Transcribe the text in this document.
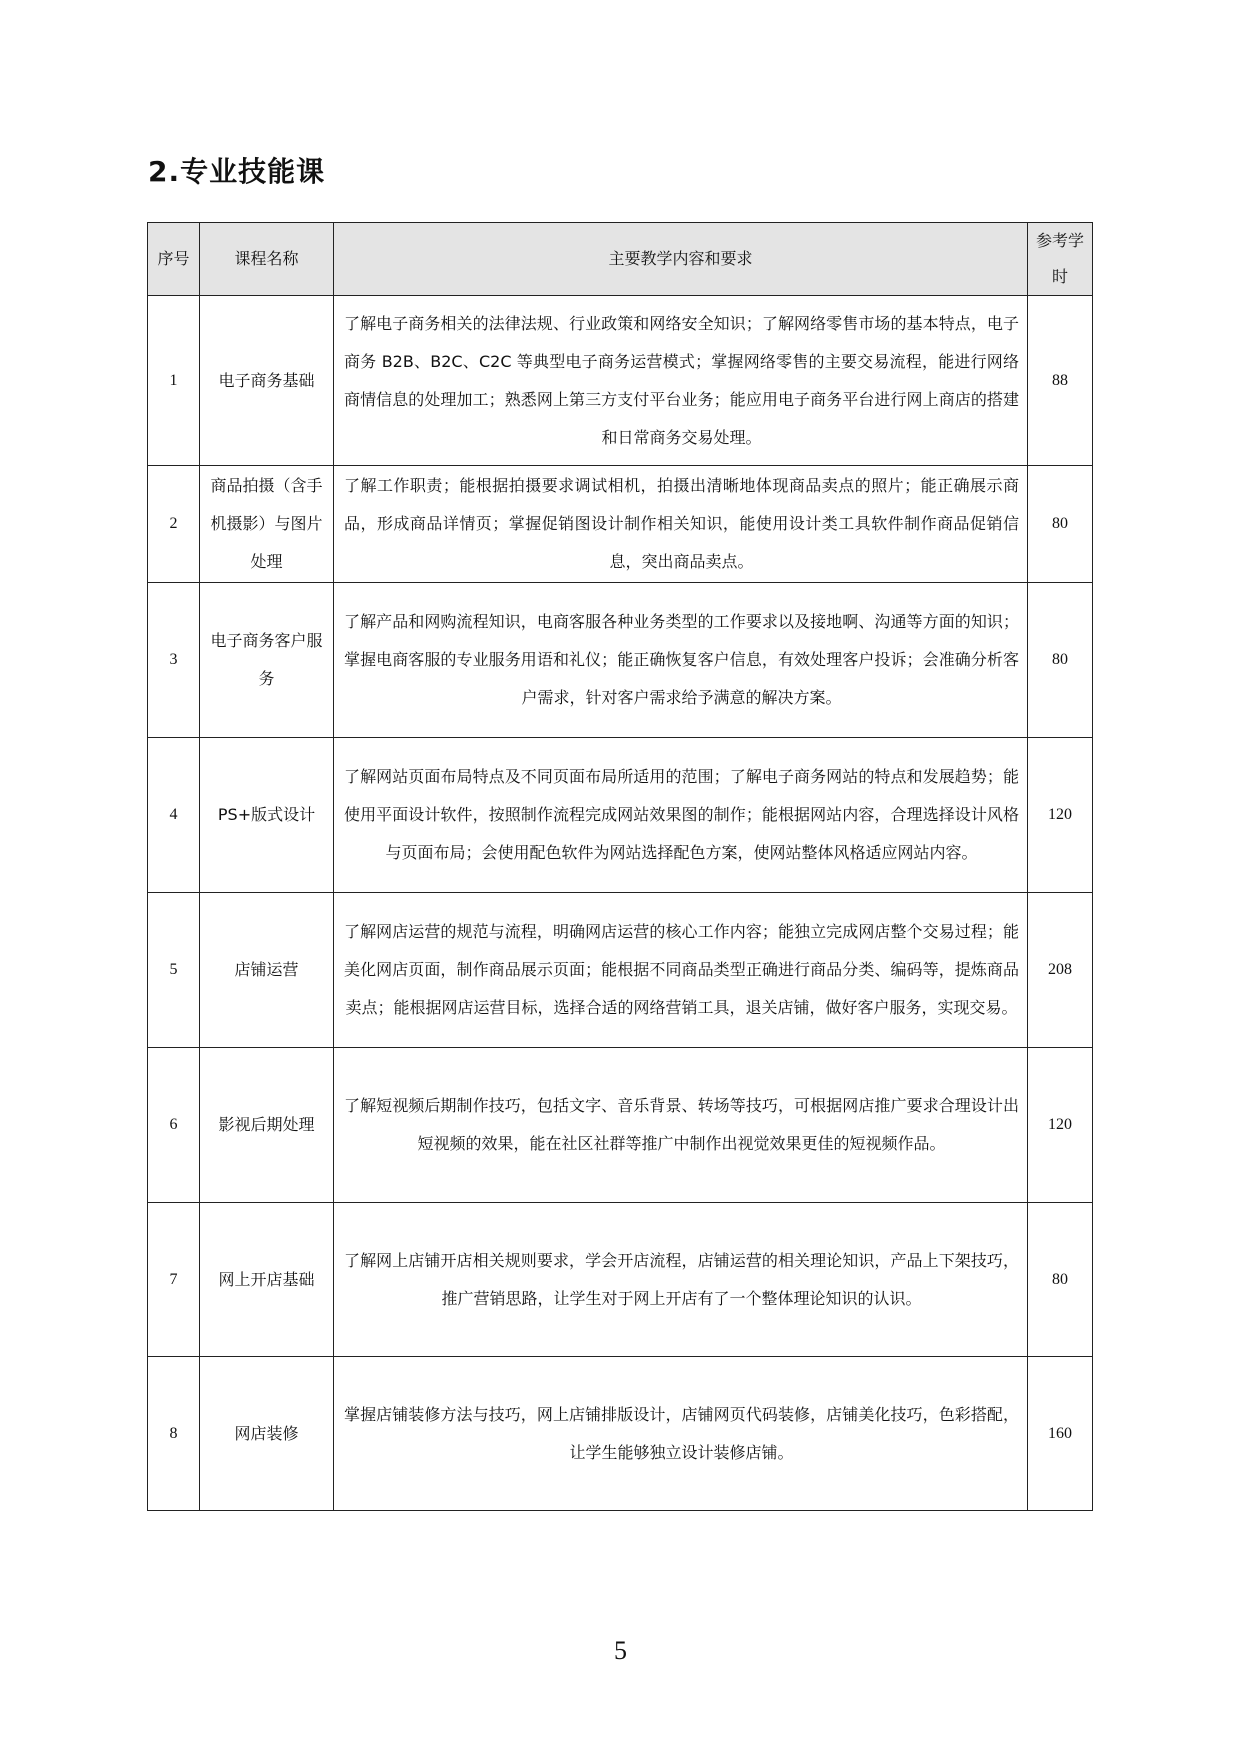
2.专业技能课
序号	课程名称	主要教学内容和要求	参考学时
1	电子商务基础	了解电子商务相关的法律法规、行业政策和网络安全知识；了解网络零售市场的基本特点，电子商务 B2B、B2C、C2C 等典型电子商务运营模式；掌握网络零售的主要交易流程，能进行网络商情信息的处理加工；熟悉网上第三方支付平台业务；能应用电子商务平台进行网上商店的搭建和日常商务交易处理。	88
2	商品拍摄（含手机摄影）与图片处理	了解工作职责；能根据拍摄要求调试相机，拍摄出清晰地体现商品卖点的照片；能正确展示商品，形成商品详情页；掌握促销图设计制作相关知识，能使用设计类工具软件制作商品促销信息，突出商品卖点。	80
3	电子商务客户服务	了解产品和网购流程知识，电商客服各种业务类型的工作要求以及接地啊、沟通等方面的知识；掌握电商客服的专业服务用语和礼仪；能正确恢复客户信息，有效处理客户投诉；会准确分析客户需求，针对客户需求给予满意的解决方案。	80
4	PS+版式设计	了解网站页面布局特点及不同页面布局所适用的范围；了解电子商务网站的特点和发展趋势；能使用平面设计软件，按照制作流程完成网站效果图的制作；能根据网站内容，合理选择设计风格与页面布局；会使用配色软件为网站选择配色方案，使网站整体风格适应网站内容。	120
5	店铺运营	了解网店运营的规范与流程，明确网店运营的核心工作内容；能独立完成网店整个交易过程；能美化网店页面，制作商品展示页面；能根据不同商品类型正确进行商品分类、编码等，提炼商品卖点；能根据网店运营目标，选择合适的网络营销工具，退关店铺，做好客户服务，实现交易。	208
6	影视后期处理	了解短视频后期制作技巧，包括文字、音乐背景、转场等技巧，可根据网店推广要求合理设计出短视频的效果，能在社区社群等推广中制作出视觉效果更佳的短视频作品。	120
7	网上开店基础	了解网上店铺开店相关规则要求，学会开店流程，店铺运营的相关理论知识，产品上下架技巧，推广营销思路，让学生对于网上开店有了一个整体理论知识的认识。	80
8	网店装修	掌握店铺装修方法与技巧，网上店铺排版设计，店铺网页代码装修，店铺美化技巧，色彩搭配，让学生能够独立设计装修店铺。	160

5
